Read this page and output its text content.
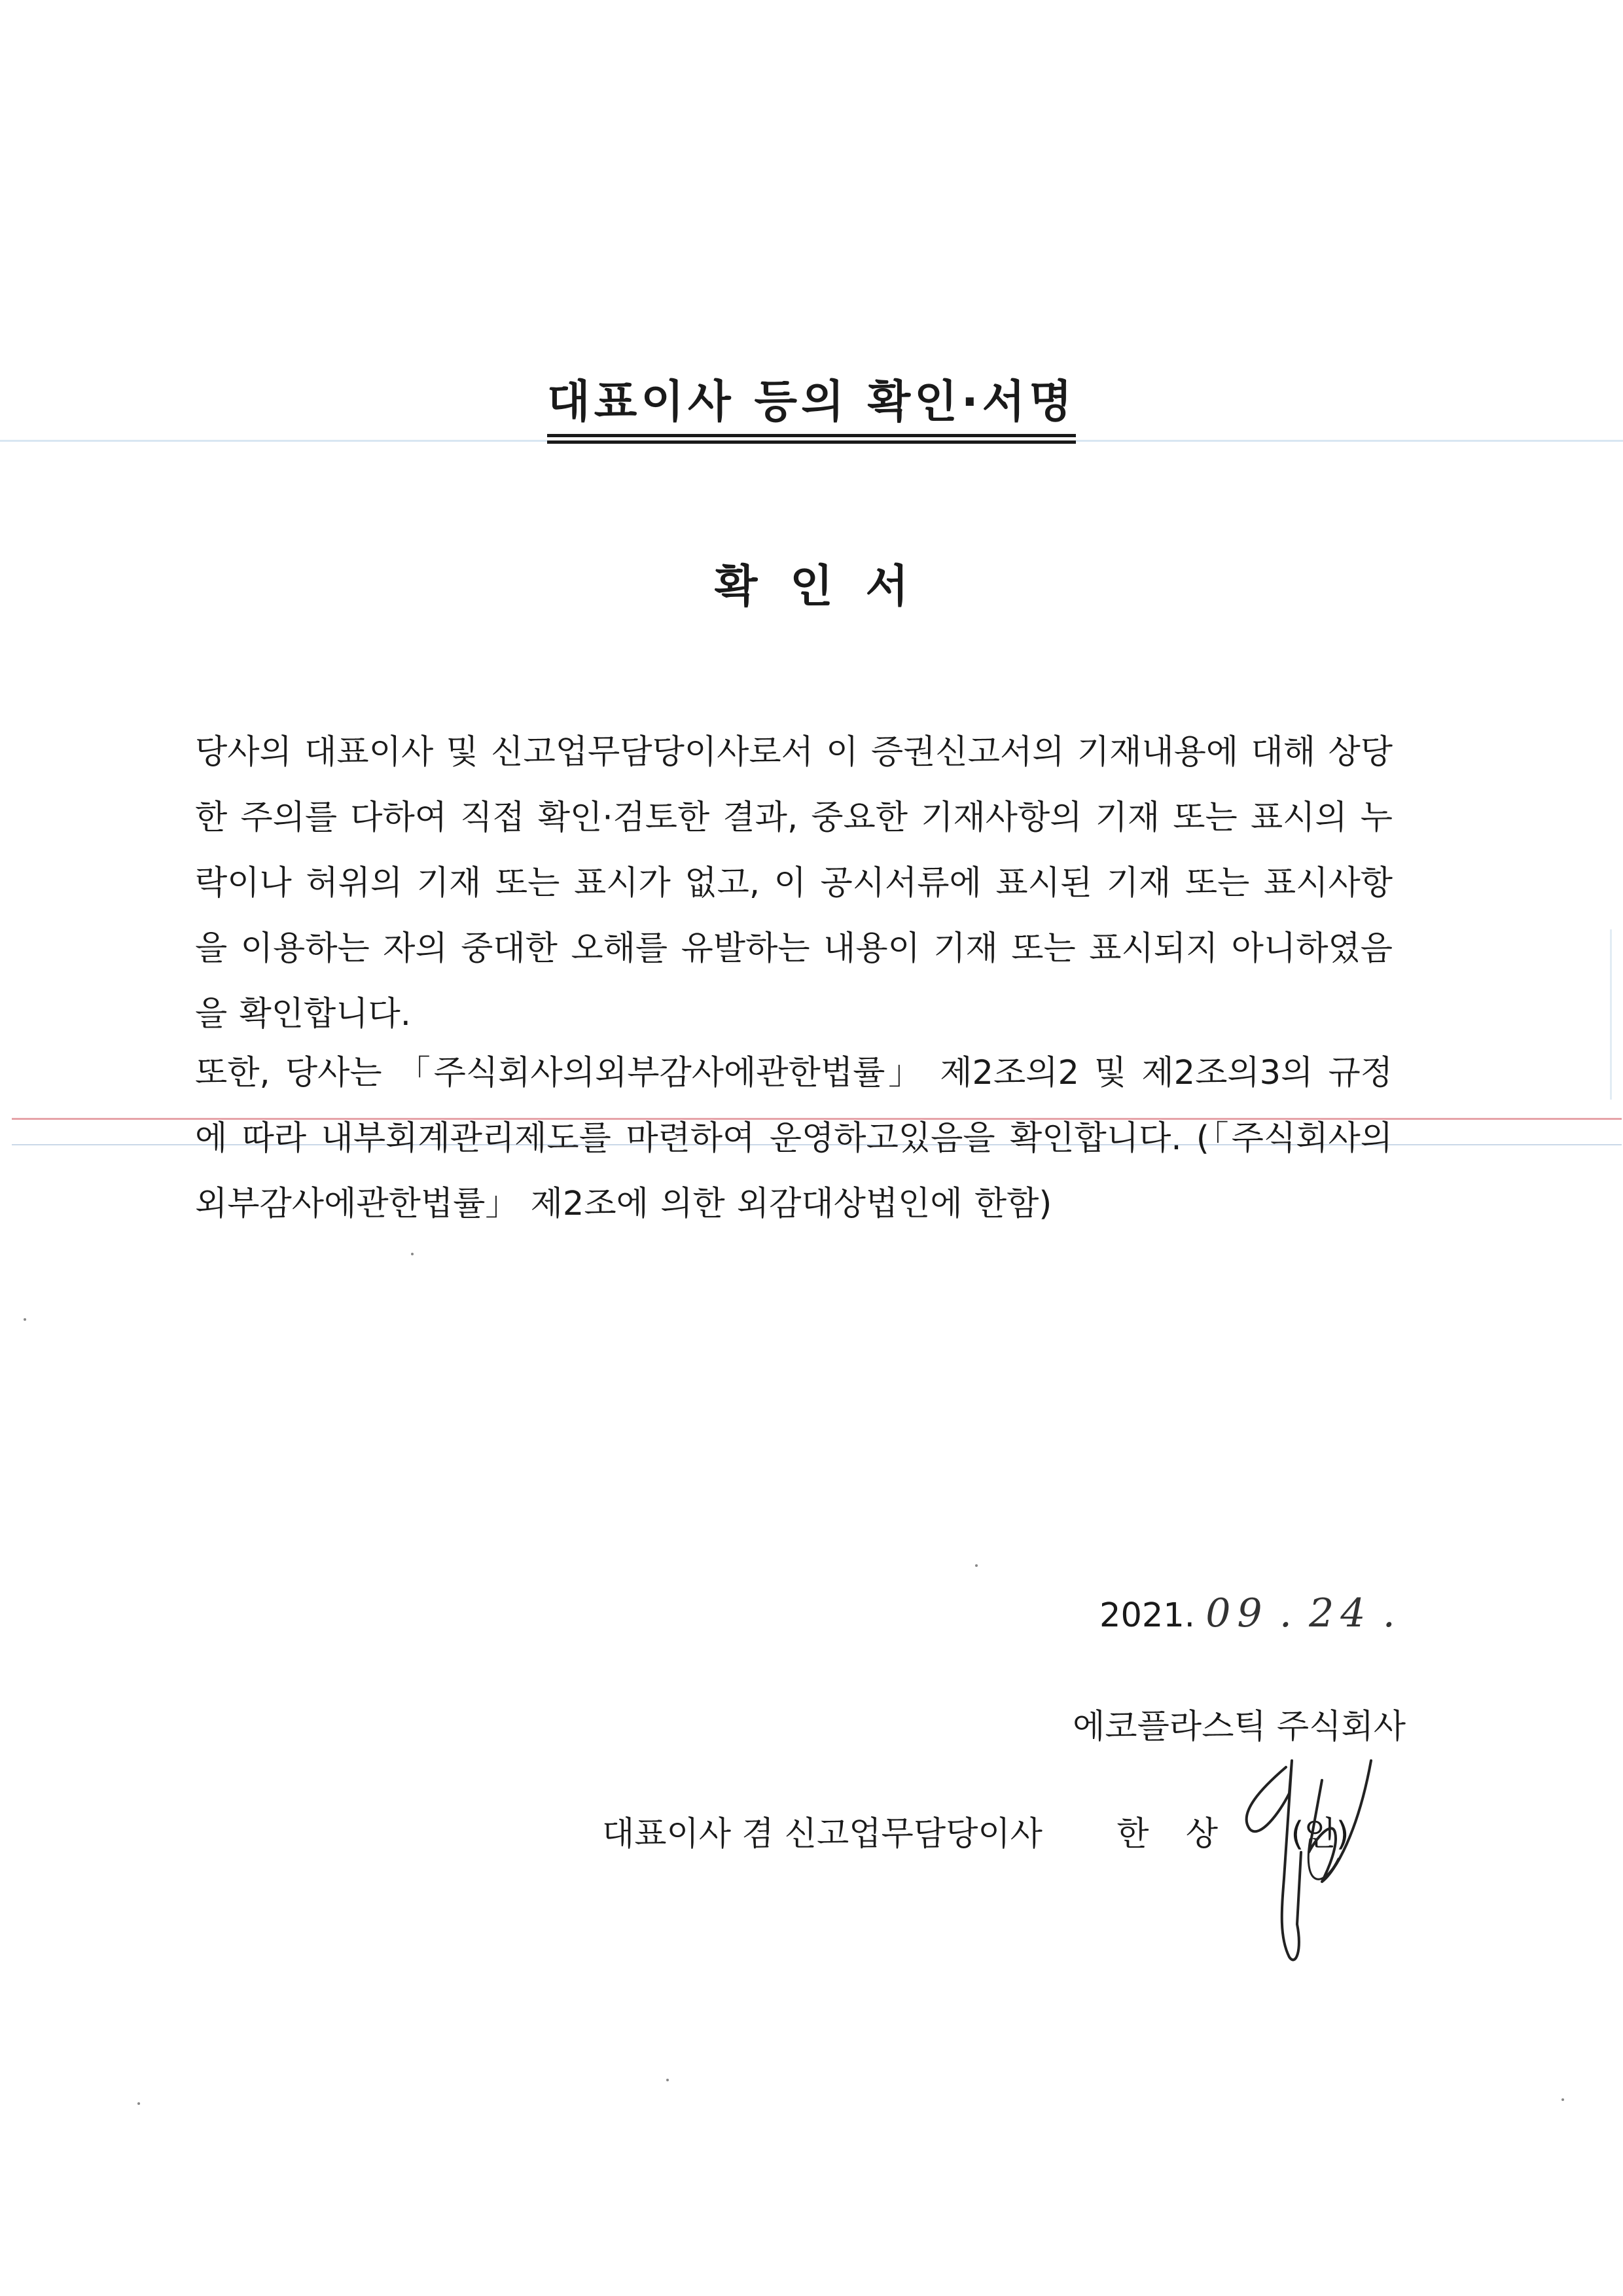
대표이사 등의 확인·서명
확 인 서
당사의 대표이사 및 신고업무담당이사로서 이 증권신고서의 기재내용에 대해 상당한 주의를 다하여 직접 확인·검토한 결과, 중요한 기재사항의 기재 또는 표시의 누락이나 허위의 기재 또는 표시가 없고, 이 공시서류에 표시된 기재 또는 표시사항을 이용하는 자의 중대한 오해를 유발하는 내용이 기재 또는 표시되지 아니하였음을 확인합니다.
또한, 당사는 「주식회사의외부감사에관한법률」 제2조의2 및 제2조의3의 규정에 따라 내부회계관리제도를 마련하여 운영하고있음을 확인합니다. (「주식회사의외부감사에관한법률」 제2조에 의한 외감대상법인에 한함)
2021. 09 . 24 .
에코플라스틱 주식회사
대표이사 겸 신고업무담당이사 한 상 (인)
